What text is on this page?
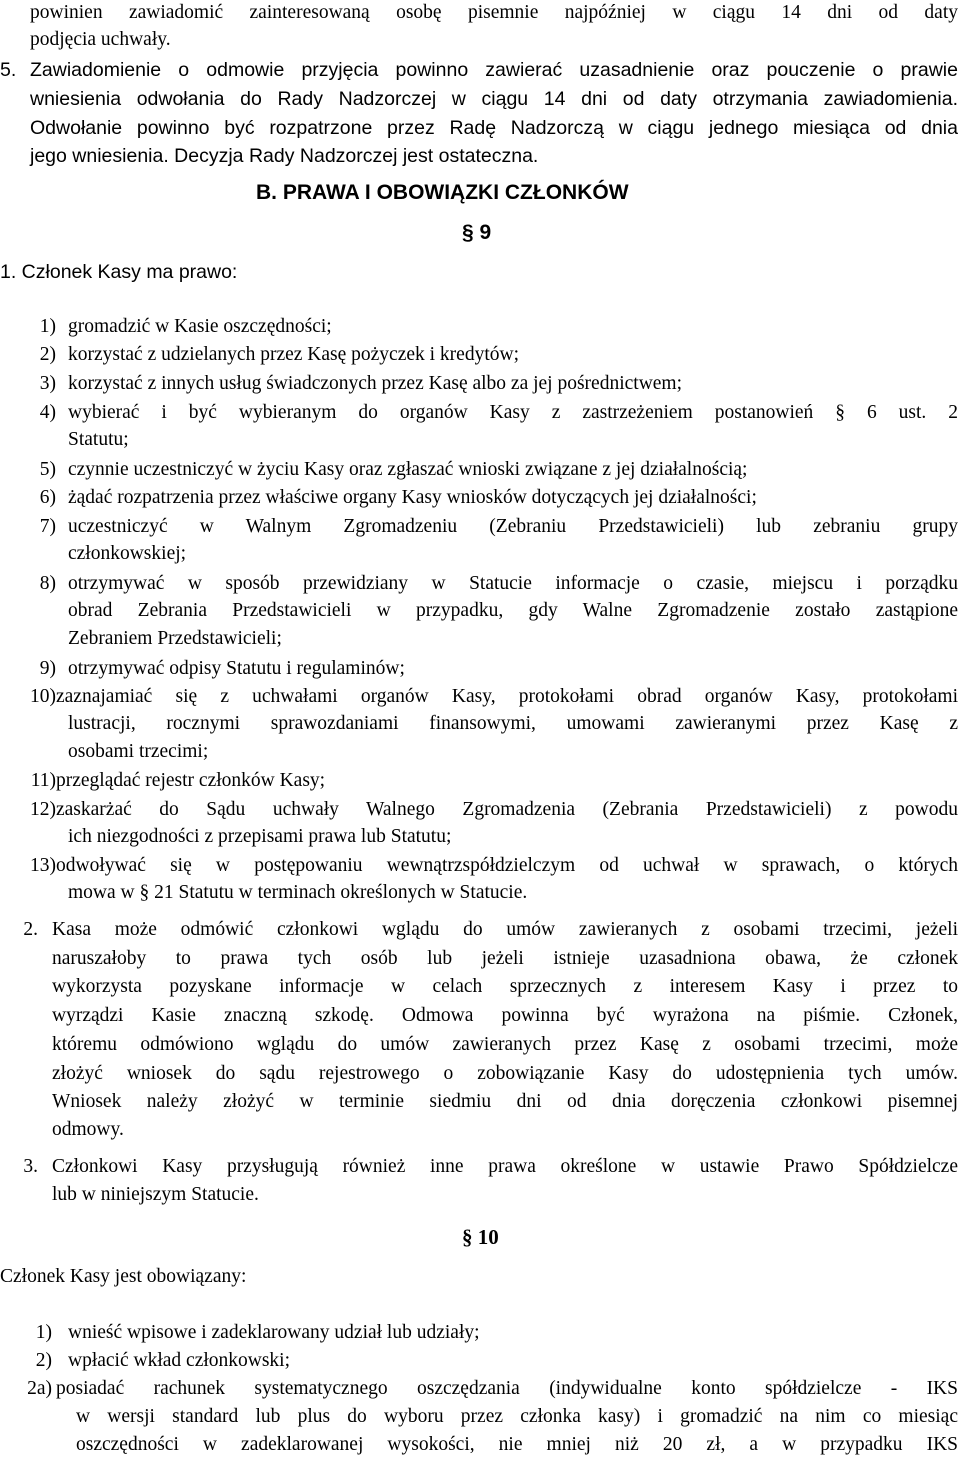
powinien zawiadomić zainteresowaną osobę pisemnie najpóźniej w ciągu 14 dni od daty
podjęcia uchwały.
5. Zawiadomienie o odmowie przyjęcia powinno zawierać uzasadnienie oraz pouczenie o prawie
wniesienia odwołania do Rady Nadzorczej w ciągu 14 dni od daty otrzymania zawiadomienia.
Odwołanie powinno być rozpatrzone przez Radę Nadzorczą w ciągu jednego miesiąca od dnia
jego wniesienia. Decyzja Rady Nadzorczej jest ostateczna.
B. PRAWA I OBOWIĄZKI CZŁONKÓW
§ 9
1. Członek Kasy ma prawo:
1) gromadzić w Kasie oszczędności;
2) korzystać z udzielanych przez Kasę pożyczek i kredytów;
3) korzystać z innych usług świadczonych przez Kasę albo za jej pośrednictwem;
4) wybierać i być wybieranym do organów Kasy z zastrzeżeniem postanowień § 6 ust. 2
Statutu;
5) czynnie uczestniczyć w życiu Kasy oraz zgłaszać wnioski związane z jej działalnością;
6) żądać rozpatrzenia przez właściwe organy Kasy wniosków dotyczących jej działalności;
7) uczestniczyć w Walnym Zgromadzeniu (Zebraniu Przedstawicieli) lub zebraniu grupy
członkowskiej;
8) otrzymywać w sposób przewidziany w Statucie informacje o czasie, miejscu i porządku
obrad Zebrania Przedstawicieli w przypadku, gdy Walne Zgromadzenie zostało zastąpione
Zebraniem Przedstawicieli;
9) otrzymywać odpisy Statutu i regulaminów;
10) zaznajamiać się z uchwałami organów Kasy, protokołami obrad organów Kasy, protokołami
lustracji, rocznymi sprawozdaniami finansowymi, umowami zawieranymi przez Kasę z
osobami trzecimi;
11) przeglądać rejestr członków Kasy;
12) zaskarżać do Sądu uchwały Walnego Zgromadzenia (Zebrania Przedstawicieli) z powodu
ich niezgodności z przepisami prawa lub Statutu;
13) odwoływać się w postępowaniu wewnątrzspółdzielczym od uchwał w sprawach, o których
mowa w § 21 Statutu w terminach określonych w Statucie.
2. Kasa może odmówić członkowi wglądu do umów zawieranych z osobami trzecimi, jeżeli
naruszałoby to prawa tych osób lub jeżeli istnieje uzasadniona obawa, że członek
wykorzysta pozyskane informacje w celach sprzecznych z interesem Kasy i przez to
wyrządzi Kasie znaczną szkodę. Odmowa powinna być wyrażona na piśmie. Członek,
któremu odmówiono wglądu do umów zawieranych przez Kasę z osobami trzecimi, może
złożyć wniosek do sądu rejestrowego o zobowiązanie Kasy do udostępnienia tych umów.
Wniosek należy złożyć w terminie siedmiu dni od dnia doręczenia członkowi pisemnej
odmowy.
3. Członkowi Kasy przysługują również inne prawa określone w ustawie Prawo Spółdzielcze
lub w niniejszym Statucie.
§ 10
Członek Kasy jest obowiązany:
1) wnieść wpisowe i zadeklarowany udział lub udziały;
2) wpłacić wkład członkowski;
2a) posiadać rachunek systematycznego oszczędzania (indywidualne konto spółdzielcze - IKS
w wersji standard lub plus do wyboru przez członka kasy) i gromadzić na nim co miesiąc
oszczędności w zadeklarowanej wysokości, nie mniej niż 20 zł, a w przypadku IKS
